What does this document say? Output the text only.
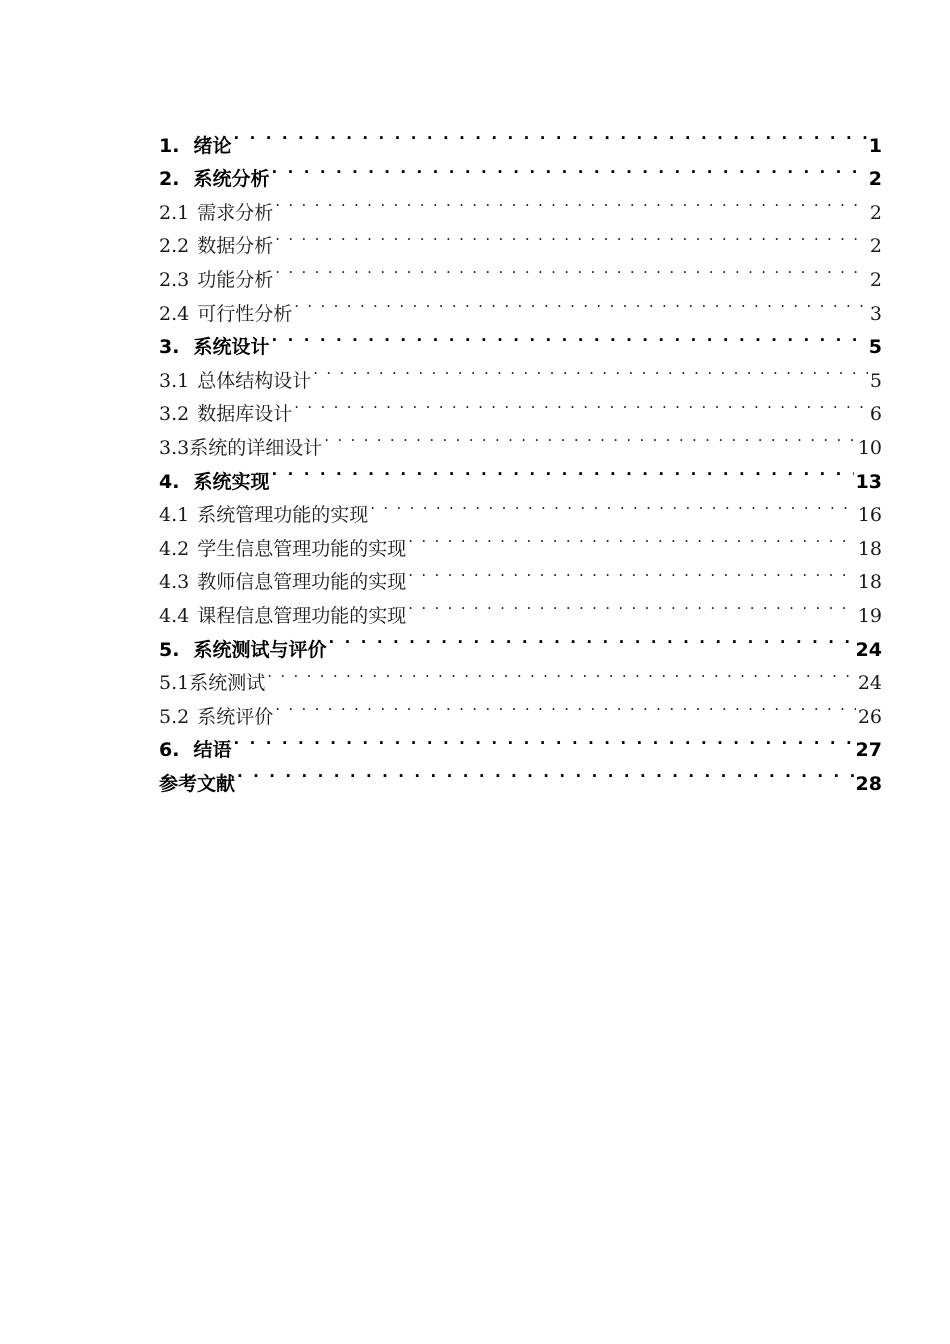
1. 绪论 . . .	1
2. 系统分析 . . .	2
2.1 需求分析 . . .	2
2.2 数据分析 . . .	2
2.3 功能分析 . . .	2
2.4 可行性分析 . . .	3
3. 系统设计 . . .	5
3.1 总体结构设计 . . .	5
3.2 数据库设计 . . .	6
3.3 系统的详细设计 . . .	10
4. 系统实现 . . .	13
4.1 系统管理功能的实现 . . .	16
4.2 学生信息管理功能的实现 . . .	18
4.3 教师信息管理功能的实现 . . .	18
4.4 课程信息管理功能的实现 . . .	19
5. 系统测试与评价 . . .	24
5.1 系统测试 . . .	24
5.2 系统评价 . . .	26
6. 结语 . . .	27
参考文献 . . .	28
